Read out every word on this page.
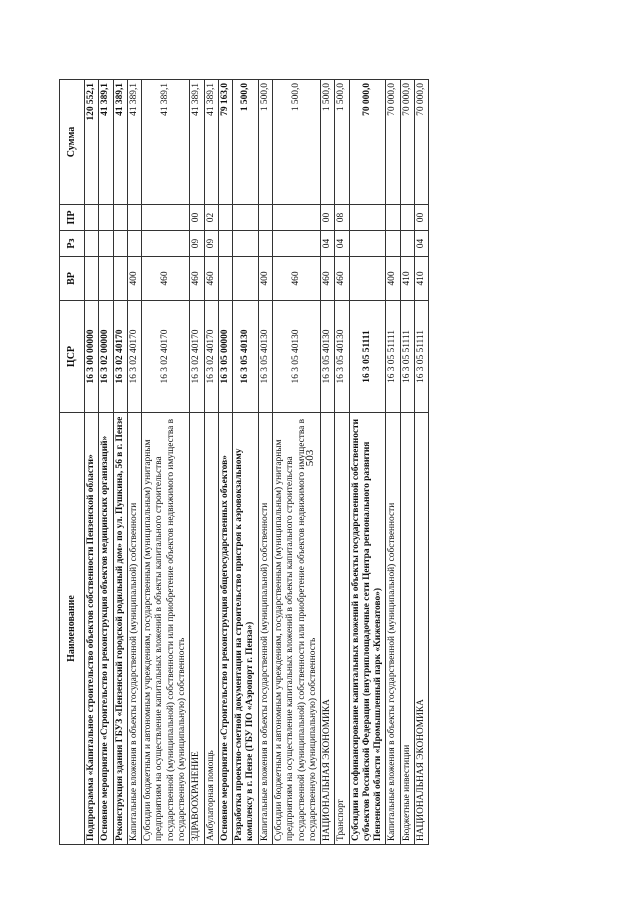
503
Наименование	ЦСР	ВР	Рз	ПР	Сумма
Подпрограмма «Капитальное строительство объектов собственности Пензенской области»	16 3 00 00000				120 552,1
Основное мероприятие «Строительство и реконструкция объектов медицинских организаций»	16 3 02 00000				41 389,1
Реконструкция здания ГБУЗ «Пензенский городской родильный дом» по ул. Пушкина, 56 в г. Пензе	16 3 02 40170				41 389,1
Капитальные вложения в объекты государственной (муниципальной) собственности	16 3 02 40170	400			41 389,1
Субсидии бюджетным и автономным учреждениям, государственным (муниципальным) унитарным предприятиям на осуществление капитальных вложений в объекты капитального строительства государственной (муниципальной) собственности или приобретение объектов недвижимого имущества в государственную (муниципальную) собственность	16 3 02 40170	460			41 389,1
ЗДРАВООХРАНЕНИЕ	16 3 02 40170	460	09	00	41 389,1
Амбулаторная помощь	16 3 02 40170	460	09	02	41 389,1
Основное мероприятие «Строительство и реконструкция общегосударственных объектов»	16 3 05 00000				79 163,0
Разработка проектно-сметной документации на строительство пристроя к аэровокзальному комплексу в г. Пензе (ГБУ ПО «Аэропорт г. Пенза»)	16 3 05 40130				1 500,0
Капитальные вложения в объекты государственной (муниципальной) собственности	16 3 05 40130	400			1 500,0
Субсидии бюджетным и автономным учреждениям, государственным (муниципальным) унитарным предприятиям на осуществление капитальных вложений в объекты капитального строительства государственной (муниципальной) собственности или приобретение объектов недвижимого имущества в государственную (муниципальную) собственность	16 3 05 40130	460			1 500,0
НАЦИОНАЛЬНАЯ ЭКОНОМИКА	16 3 05 40130	460	04	00	1 500,0
Транспорт	16 3 05 40130	460	04	08	1 500,0
Субсидии на софинансирование капитальных вложений в объекты государственной собственности субъектов Российской Федерации (внутриплощадочные сети Центра регионального развития Пензенской области «Промышленный парк «Кижеватово»)	16 3 05 51111				70 000,0
Капитальные вложения в объекты государственной (муниципальной) собственности	16 3 05 51111	400			70 000,0
Бюджетные инвестиции	16 3 05 51111	410			70 000,0
НАЦИОНАЛЬНАЯ ЭКОНОМИКА	16 3 05 51111	410	04	00	70 000,0
